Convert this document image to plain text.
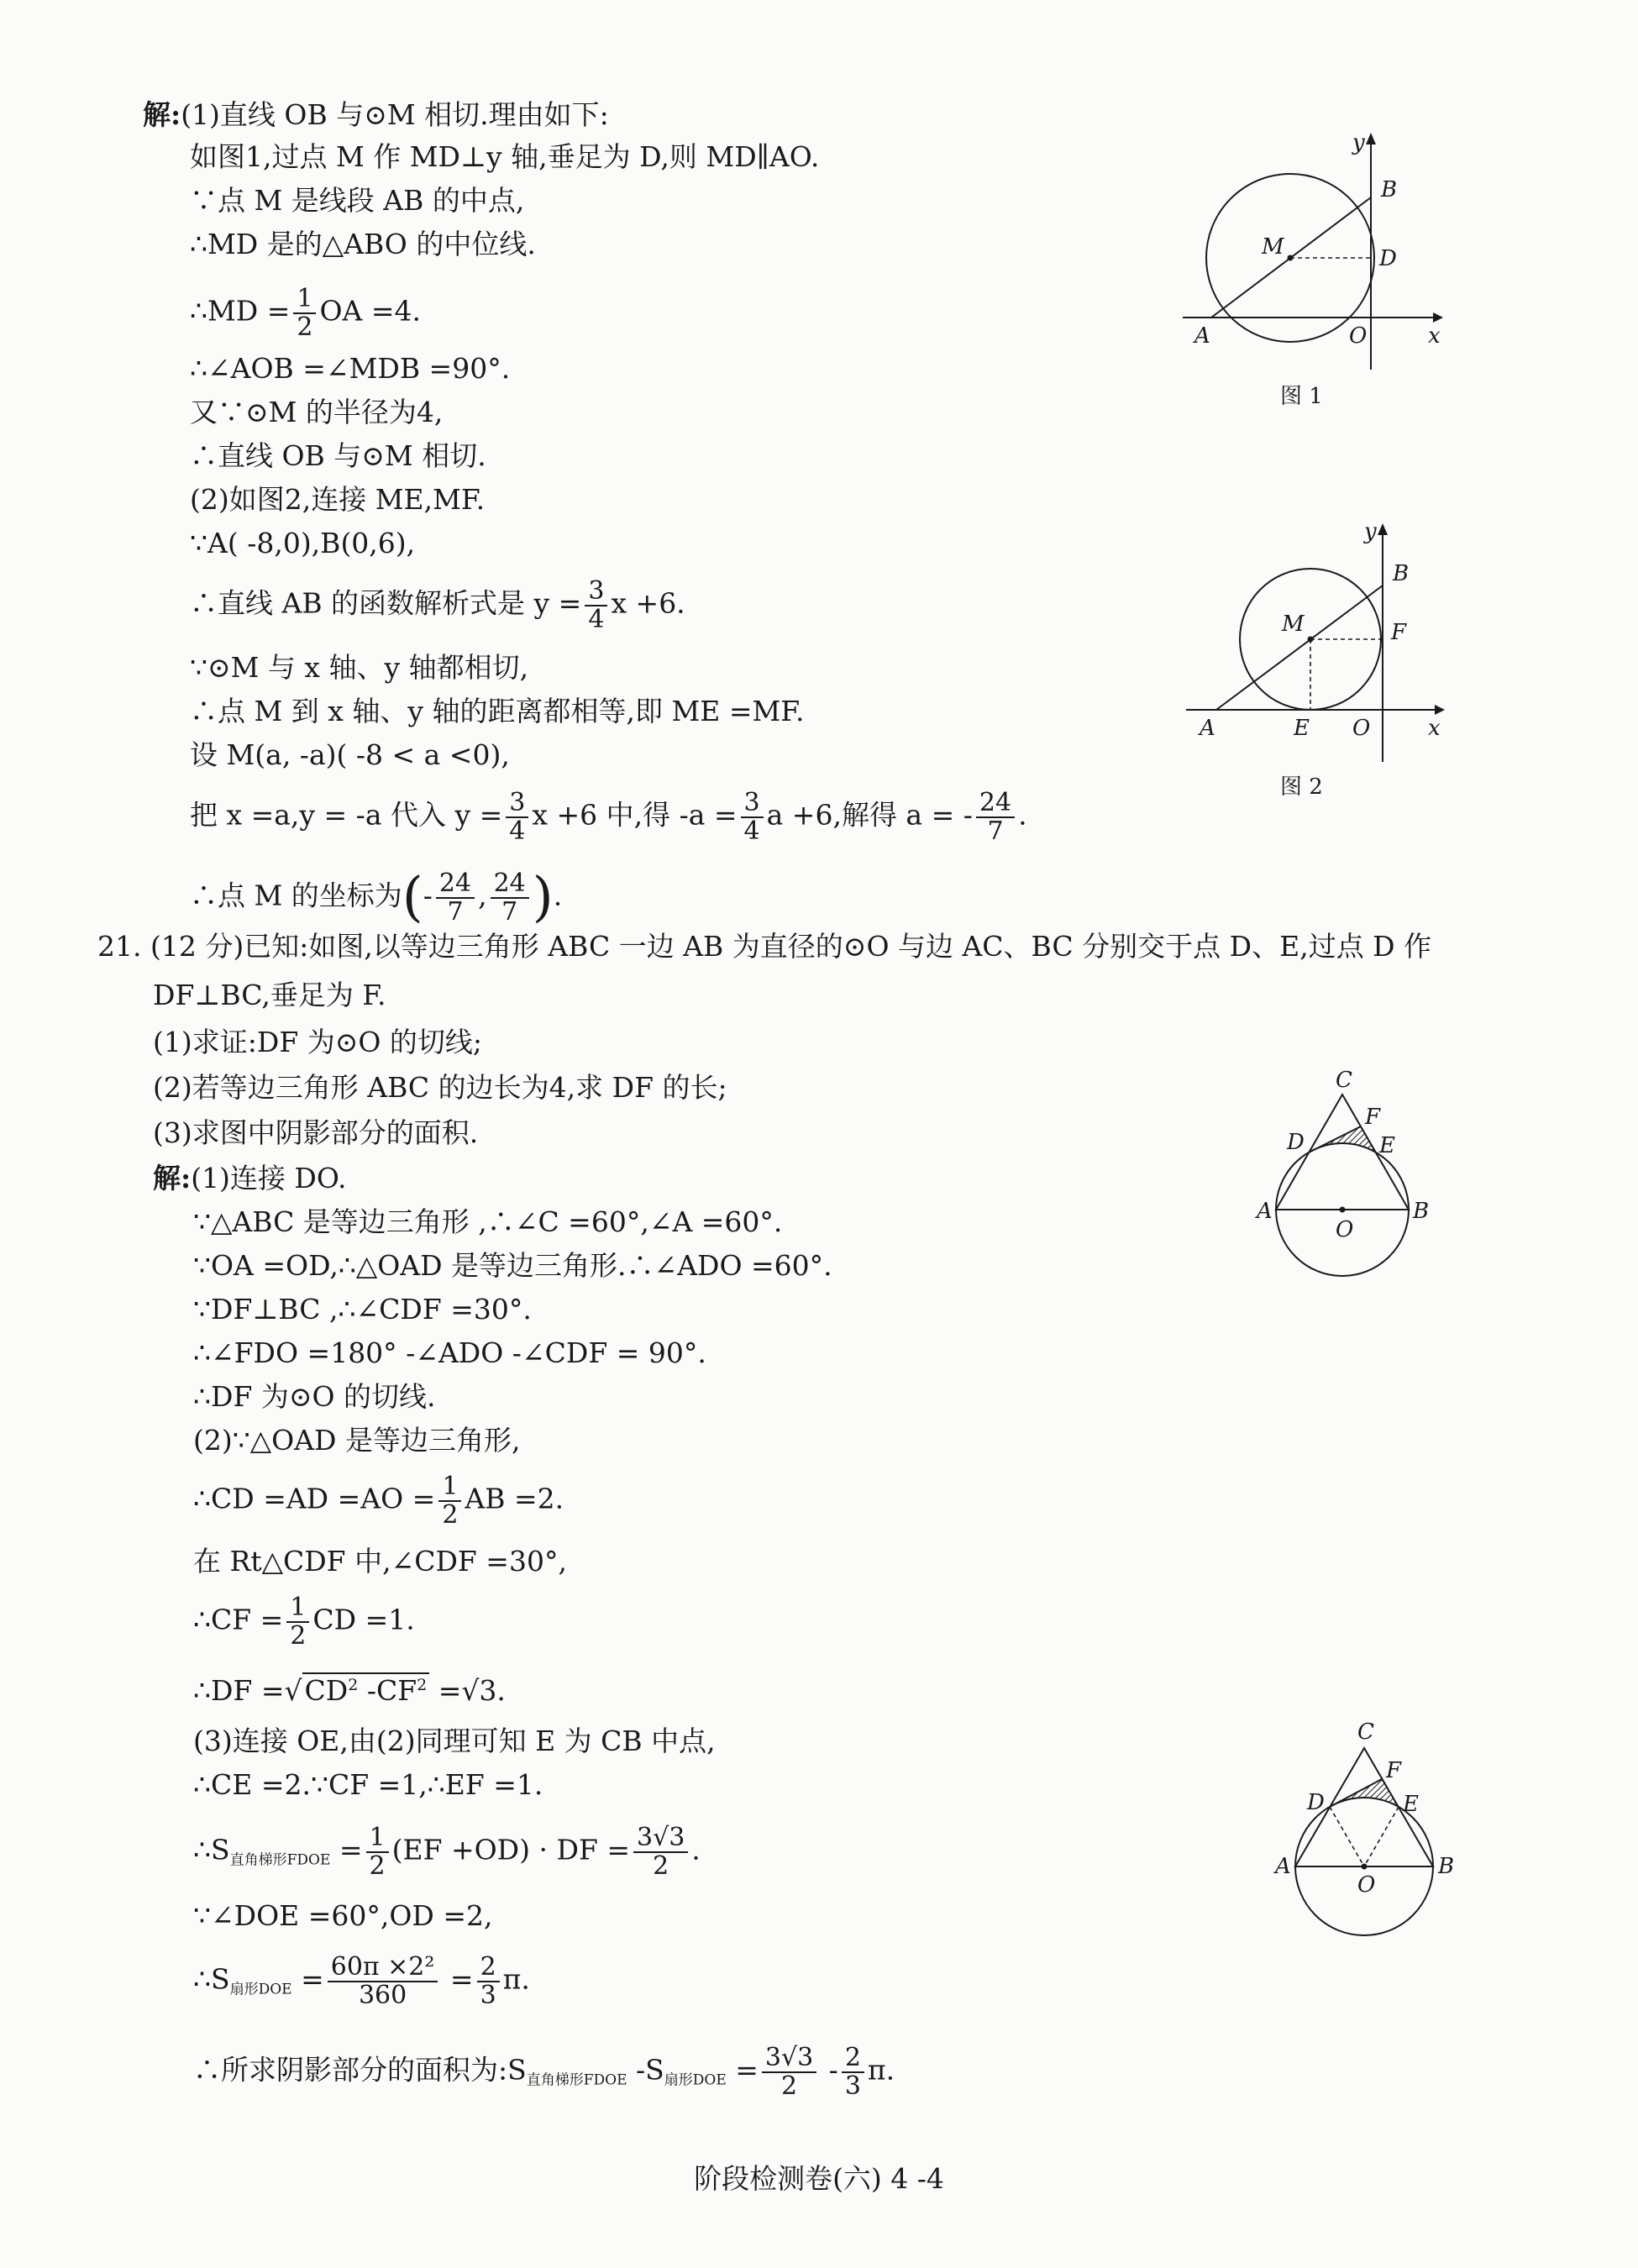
解:(1)直线 OB 与⊙M 相切.理由如下:
如图1,过点 M 作 MD⊥y 轴,垂足为 D,则 MD∥AO.
∵点 M 是线段 AB 的中点,
∴MD 是的△ABO 的中位线.
∴MD = $\frac{1}{2}$ OA =4.
∴∠AOB =∠MDB =90°.
又∵⊙M 的半径为4,
∴直线 OB 与⊙M 相切.
(2)如图2,连接 ME,MF.
∵A( -8,0),B(0,6),
∴直线 AB 的函数解析式是 $y = \frac{3}{4}$ x +6.
∵⊙M 与 x 轴、y 轴都相切,
∴点 M 到 x 轴、y 轴的距离都相等,即 ME =MF.
设 M(a, -a)( -8 < a <0),
把 x =a,y = -a 代入 $y = \frac{3}{4}$ x +6 中,得 $-a = \frac{3}{4}$ a +6,解得 a = - $\frac{24}{7}$ .
∴点 M 的坐标为(- $\frac{24}{7}$ , $\frac{24}{7}$ ).
y
x
B
M	D
A	O
图 1
y
x
B
M	F
A	E O
图 2
21. (12 分)已知:如图,以等边三角形 ABC 一边 AB 为直径的⊙O 与边 AC、BC 分别交于点 D、E,过点 D 作
DF⊥BC,垂足为 F.
(1)求证:DF 为⊙O 的切线;
(2)若等边三角形 ABC 的边长为4,求 DF 的长;
(3)求图中阴影部分的面积.
解:(1)连接 DO.
∵△ABC 是等边三角形 ,∴∠C =60°,∠A =60°.
∵OA =OD,∴△OAD 是等边三角形.∴∠ADO =60°.
∵DF⊥BC ,∴∠CDF =30°.
∴∠FDO =180° -∠ADO -∠CDF = 90°.
∴DF 为⊙O 的切线.
(2)∵△OAD 是等边三角形,
∴CD $=AD =AO = \frac{1}{2}$ AB =2.
在 Rt△CDF 中,∠CDF =30°,
∴CF = $\frac{1}{2}$ CD =1.
∴DF $=√CD^2$ $-CF^2 =√3$.
(3)连接 OE,由(2)同理可知 E 为 CB 中点,
∴CE =2.∵CF =1,∴EF =1.
$\therefore S_{直角梯形FDOE} = \frac{1}{2} (EF +OD)$ · DF = $\frac{3√3}{2}$ .
∵∠DOE =60°,OD =2,
$\therefore S_{扇形DOE} = \frac{\text{60π ×2²}}{360} = \frac{2}{3} \pi$.
∴所求阴影部分的面积为$:S_{直角梯形FDOE}$ $-S_{扇形DOE} = \frac{3√3}{2} - \frac{2}{3} \pi$.
C
F
D	E
A
O
B
C
F
D	E
A
O
B
阶段检测卷(六) 4 -4
